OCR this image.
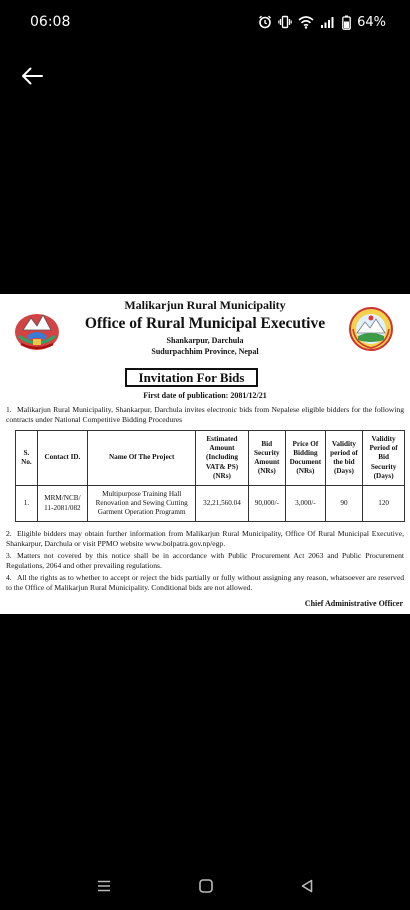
06:08	64%
Malikarjun Rural Municipality
Office of Rural Municipal Executive
Shankarpur, Darchula
Sudurpachhim Province, Nepal
Invitation For Bids
First date of publication: 2081/12/21
1. Malikarjun Rural Municipality, Shankarpur, Darchula invites electronic bids from Nepalese eligible bidders for the following contracts under National Competitive Bidding Procedures
S. No.	Contact ID.	Name Of The Project	Estimated Amount (Including VAT& PS) (NRs)	Bid Security Amount (NRs)	Price Of Bidding Document (NRs)	Validity period of the bid (Days)	Validity Period of Bid Security (Days)
1.	MRM/NCB/ 11-2081/082	Multipurpose Training Hall Renovation and Sewing Cutting Garment Operation Programm	32,21,560.04	90,000/-	3,000/-	90	120
2. Eligible bidders may obtain further information from Malikarjun Rural Municipality, Office Of Rural Municipal Executive, Shankarpur, Darchula or visit PPMO website www.bolpatra.gov.np/egp.
3. Matters not covered by this notice shall be in accordance with Public Procurement Act 2063 and Public Procurement Regulations, 2064 and other prevailing regulations.
4. All the rights as to whether to accept or reject the bids partially or fully without assigning any reason, whatsoever are reserved to the Office of Malikarjun Rural Municipality. Conditional bids are not allowed.
Chief Administrative Officer
